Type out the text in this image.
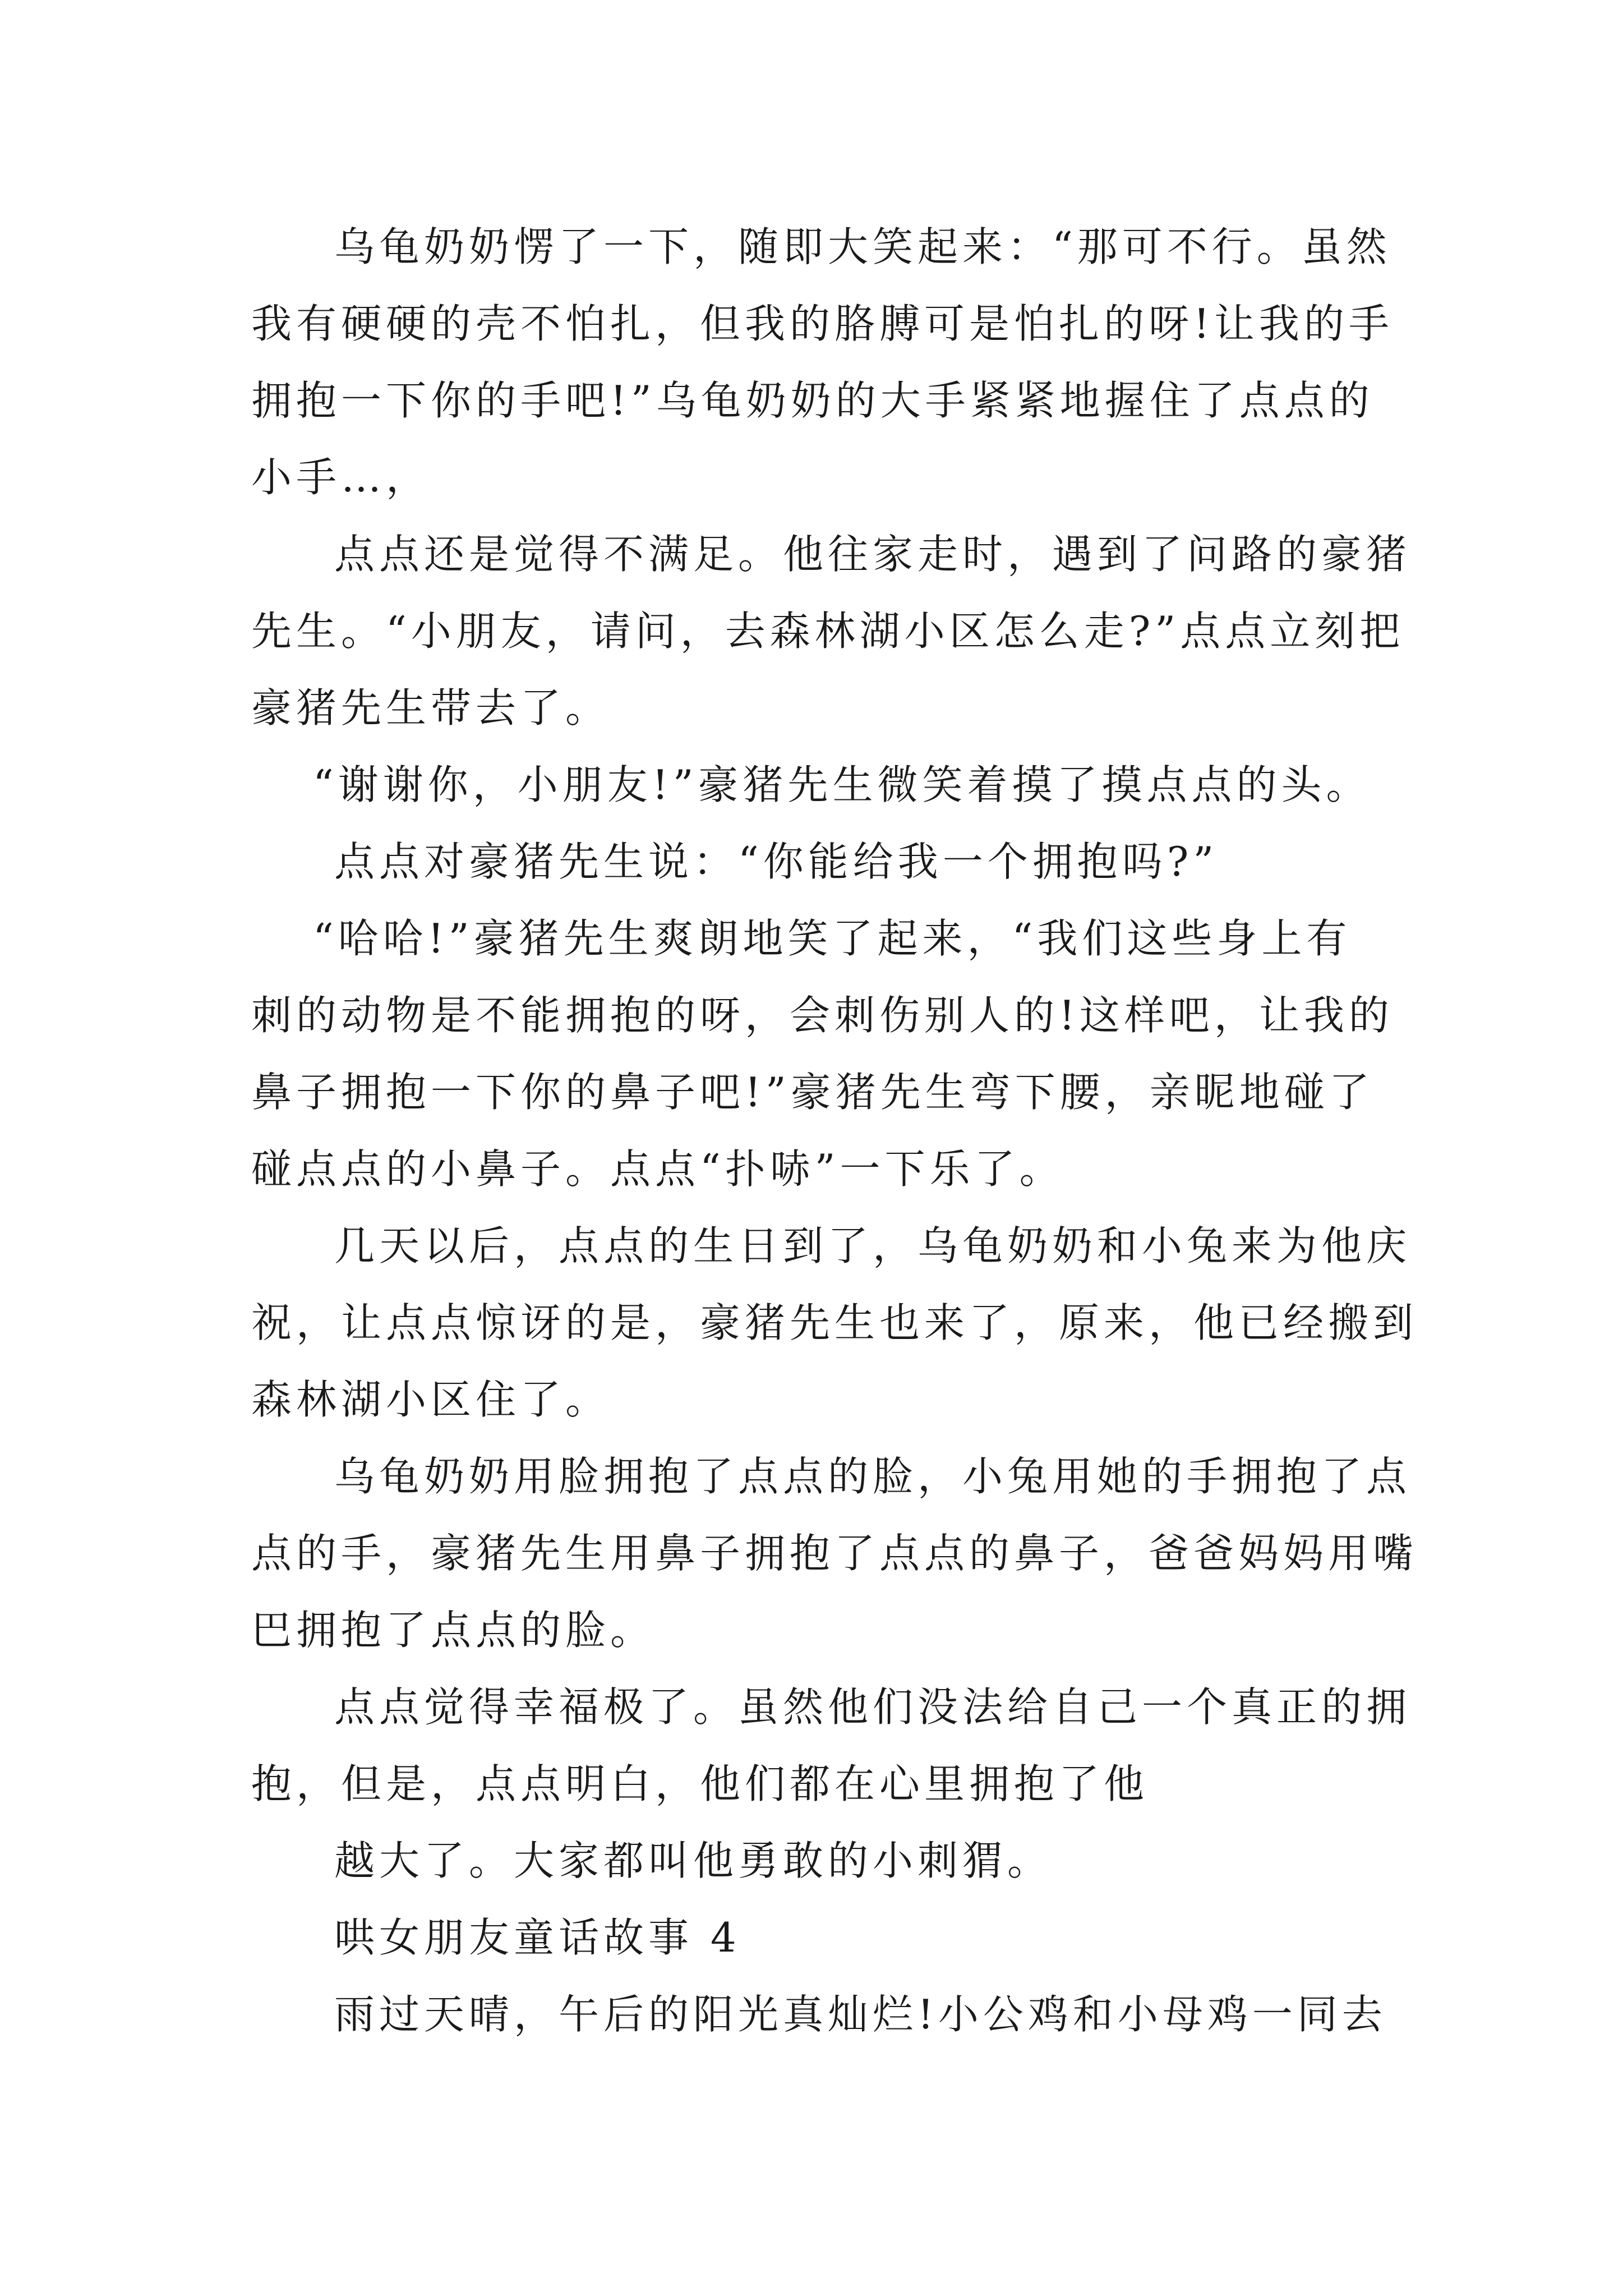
乌龟奶奶愣了一下，随即大笑起来：“那可不行。虽然
我有硬硬的壳不怕扎，但我的胳膊可是怕扎的呀!让我的手
拥抱一下你的手吧!”乌龟奶奶的大手紧紧地握住了点点的
小手…，
点点还是觉得不满足。他往家走时，遇到了问路的豪猪
先生。“小朋友，请问，去森林湖小区怎么走?”点点立刻把
豪猪先生带去了。
“谢谢你，小朋友!”豪猪先生微笑着摸了摸点点的头。
点点对豪猪先生说：“你能给我一个拥抱吗?”
“哈哈!”豪猪先生爽朗地笑了起来，“我们这些身上有
刺的动物是不能拥抱的呀，会刺伤别人的!这样吧，让我的
鼻子拥抱一下你的鼻子吧!”豪猪先生弯下腰，亲昵地碰了
碰点点的小鼻子。点点“扑哧”一下乐了。
几天以后，点点的生日到了，乌龟奶奶和小兔来为他庆
祝，让点点惊讶的是，豪猪先生也来了，原来，他已经搬到
森林湖小区住了。
乌龟奶奶用脸拥抱了点点的脸，小兔用她的手拥抱了点
点的手，豪猪先生用鼻子拥抱了点点的鼻子，爸爸妈妈用嘴
巴拥抱了点点的脸。
点点觉得幸福极了。虽然他们没法给自己一个真正的拥
抱，但是，点点明白，他们都在心里拥抱了他
越大了。大家都叫他勇敢的小刺猬。
哄女朋友童话故事 4
雨过天晴，午后的阳光真灿烂!小公鸡和小母鸡一同去
